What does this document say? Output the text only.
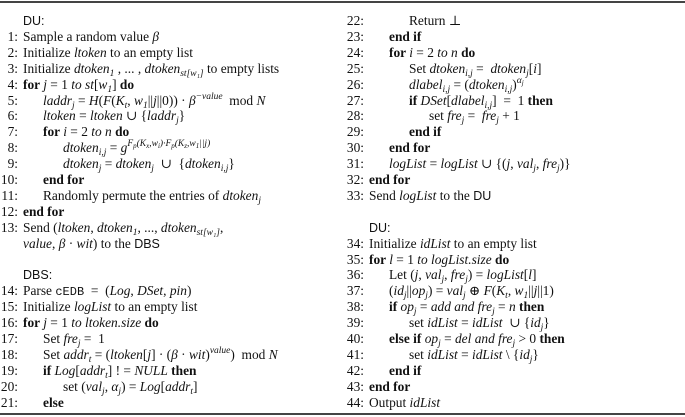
DU:
1: Sample a random value β
2: Initialize ltoken to an empty list
3: Initialize dtoken$_1$ , ... , dtoken$_{st[w_1]}$ to empty lists
4: for j = 1 to $st[w_1]$ do
5: laddr$_j$ = $H(F(K_t$, $w_1||j||0)) \cdot \beta^{-value}$  mod N
6: ltoken = ltoken ∪ {laddr$_j$}
7: for i = 2 to n do
8:	dtoken$_{i,j}$ = $g^{Fp(Kx,wi)\cdot Fp(Kz,w1||j)}$
9:	dtoken$_j$ = dtoken$_j$  ∪  {dtoken$_{i,j}$}
10: end for
11: Randomly permute the entries of dtoken$_j$
12: end for
13: Send (ltoken, dtoken$_1$, ..., dtoken$_{st[w_1]}$,
value, β · wit) to the DBS
DBS:
14: Parse cEDB  =  (Log, DSet, pin)
15: Initialize logList to an empty list
16: for j = 1 to ltoken.size do
17: Set fre$_j$ =  1
18: Set addr$_t$ = (ltoken[j] · (β · wit)$^{value}$)  mod N
19: if Log[addr$_t$] ! = NULL then
20:	set (val$_j$, $\alpha_j$) = Log[addr$_t$]
21: else
22:	Return ⊥
23: end if
24: for i = 2 to n do
25:	Set dtoken$_{i,j}$ =  dtoken$_j$[i]
26:	dlabel$_{i,j}$ = (dtoken$_{i,j}$)$^{\alpha j}$
27:	if DSet[dlabel$_{i,j}$]  =  1 then
28:	set fre$_j$ =  fre$_j$ + 1
29:	end if
30: end for
31: logList = logList ∪ {(j, val$_j$, fre$_j$)}
32: end for
33: Send logList to the DU
DU:
34: Initialize idList to an empty list
35: for l = 1 to logList.size do
36: Let (j, val$_j$, fre$_j$) = logList[l]
37: $(id_j||op_j) = val_j$ ⊕ $F(K_t$, $w_1||j||1$)
38: if $op_j$ = add and fre$_j$ = n then
39:	set idList = idList  ∪ $\{id_j\}$
40: else if $op_j$ = del and fre$_j$ > 0 then
41:	set idList = idList \ $\{id_j\}$
42: end if
43: end for
44: Output idList
